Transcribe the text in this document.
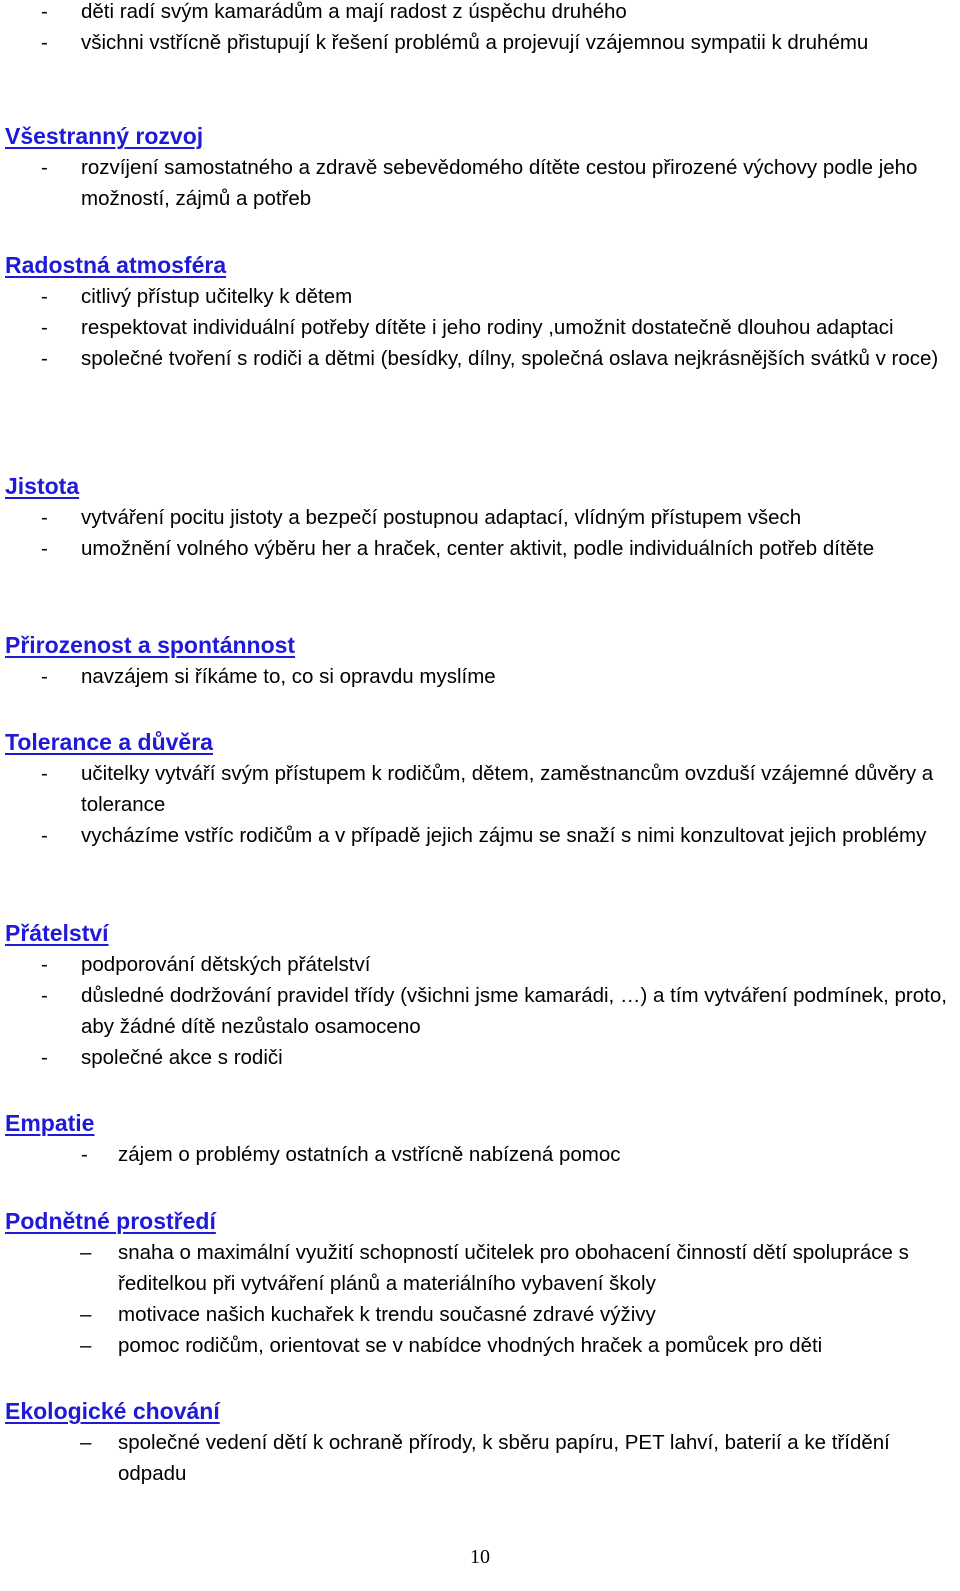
- děti radí svým kamarádům a mají radost z úspěchu druhého
- všichni vstřícně přistupují k řešení problémů a projevují vzájemnou sympatii k druhému
Všestranný rozvoj
- rozvíjení samostatného a zdravě sebevědomého dítěte cestou přirozené výchovy podle jeho možností, zájmů a potřeb
Radostná atmosféra
- citlivý přístup učitelky k dětem
- respektovat individuální potřeby dítěte i jeho rodiny ,umožnit dostatečně dlouhou adaptaci
- společné tvoření s rodiči a dětmi (besídky, dílny, společná oslava nejkrásnějších svátků v roce)
Jistota
- vytváření pocitu jistoty a bezpečí postupnou adaptací, vlídným přístupem všech
- umožnění volného výběru her a hraček, center aktivit, podle individuálních potřeb dítěte
Přirozenost a spontánnost
- navzájem si říkáme to, co si opravdu myslíme
Tolerance a důvěra
- učitelky vytváří svým přístupem k rodičům, dětem, zaměstnancům ovzduší vzájemné důvěry a tolerance
- vycházíme vstříc rodičům a v případě jejich zájmu se snaží s nimi konzultovat jejich problémy
Přátelství
- podporování dětských přátelství
- důsledné dodržování pravidel třídy (všichni jsme kamarádi, …) a tím vytváření podmínek, proto, aby žádné dítě nezůstalo osamoceno
- společné akce s rodiči
Empatie
- zájem o problémy ostatních a vstřícně nabízená pomoc
Podnětné prostředí
– snaha o maximální využití schopností učitelek pro obohacení činností dětí spolupráce s ředitelkou při vytváření plánů a materiálního vybavení školy
– motivace našich kuchařek k trendu současné zdravé výživy
– pomoc rodičům, orientovat se v nabídce vhodných hraček a pomůcek pro děti
Ekologické chování
– společné vedení dětí k ochraně přírody, k sběru papíru, PET lahví, baterií a ke třídění odpadu
10
